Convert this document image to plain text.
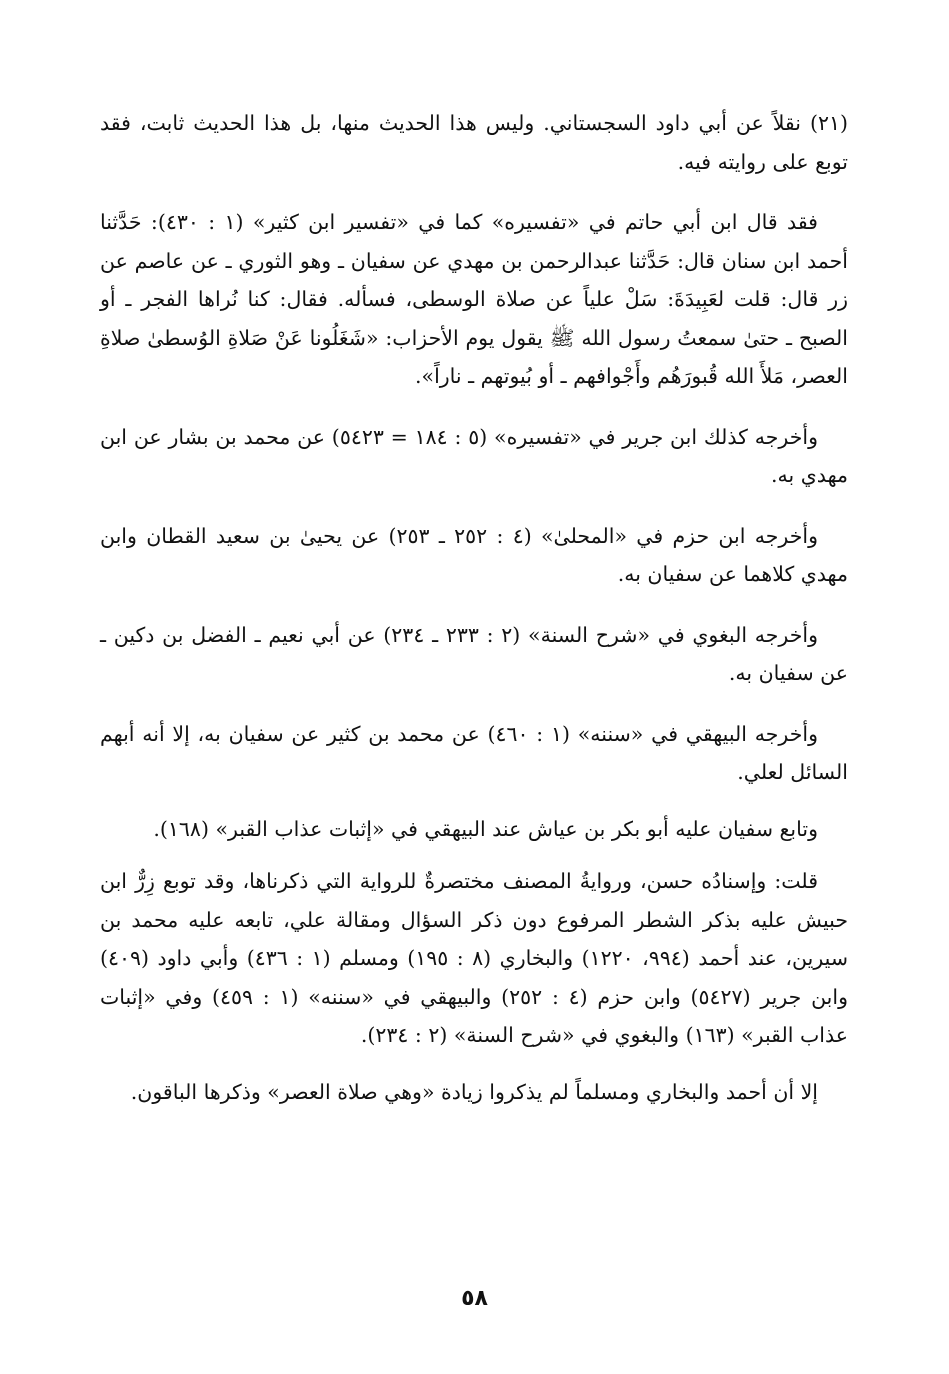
(٢١) نقلاً عن أبي داود السجستاني. وليس هذا الحديث منها، بل هذا الحديث ثابت، فقد توبع على روايته فيه.

فقد قال ابن أبي حاتم في «تفسيره» كما في «تفسير ابن كثير» (١ : ٤٣٠): حَدَّثنا أحمد ابن سنان قال: حَدَّثنا عبدالرحمن بن مهدي عن سفيان ـ وهو الثوري ـ عن عاصم عن زر قال: قلت لعَبِيدَةَ: سَلْ علياً عن صلاة الوسطى، فسأله. فقال: كنا نُراها الفجر ـ أو الصبح ـ حتىٰ سمعتُ رسول الله ﷺ يقول يوم الأحزاب: «شَغَلُونا عَنْ صَلاةِ الوُسطىٰ صلاةِ العصر، مَلأَ الله قُبورَهُم وأَجْوافهم ـ أو بُيوتهم ـ ناراً».

وأخرجه كذلك ابن جرير في «تفسيره» (٥ : ١٨٤ = ٥٤٢٣) عن محمد بن بشار عن ابن مهدي به.

وأخرجه ابن حزم في «المحلىٰ» (٤ : ٢٥٢ ـ ٢٥٣) عن يحيىٰ بن سعيد القطان وابن مهدي كلاهما عن سفيان به.

وأخرجه البغوي في «شرح السنة» (٢ : ٢٣٣ ـ ٢٣٤) عن أبي نعيم ـ الفضل بن دكين ـ عن سفيان به.

وأخرجه البيهقي في «سننه» (١ : ٤٦٠) عن محمد بن كثير عن سفيان به، إلا أنه أبهم السائل لعلي.

وتابع سفيان عليه أبو بكر بن عياش عند البيهقي في «إثبات عذاب القبر» (١٦٨).

قلت: وإسنادُه حسن، وروايةُ المصنف مختصرةٌ للرواية التي ذكرناها، وقد توبع زِرٌّ ابن حبيش عليه بذكر الشطر المرفوع دون ذكر السؤال ومقالة علي، تابعه عليه محمد بن سيرين، عند أحمد (٩٩٤، ١٢٢٠) والبخاري (٨ : ١٩٥) ومسلم (١ : ٤٣٦) وأبي داود (٤٠٩) وابن جرير (٥٤٢٧) وابن حزم (٤ : ٢٥٢) والبيهقي في «سننه» (١ : ٤٥٩) وفي «إثبات عذاب القبر» (١٦٣) والبغوي في «شرح السنة» (٢ : ٢٣٤).

إلا أن أحمد والبخاري ومسلماً لم يذكروا زيادة «وهي صلاة العصر» وذكرها الباقون.

٥٨
